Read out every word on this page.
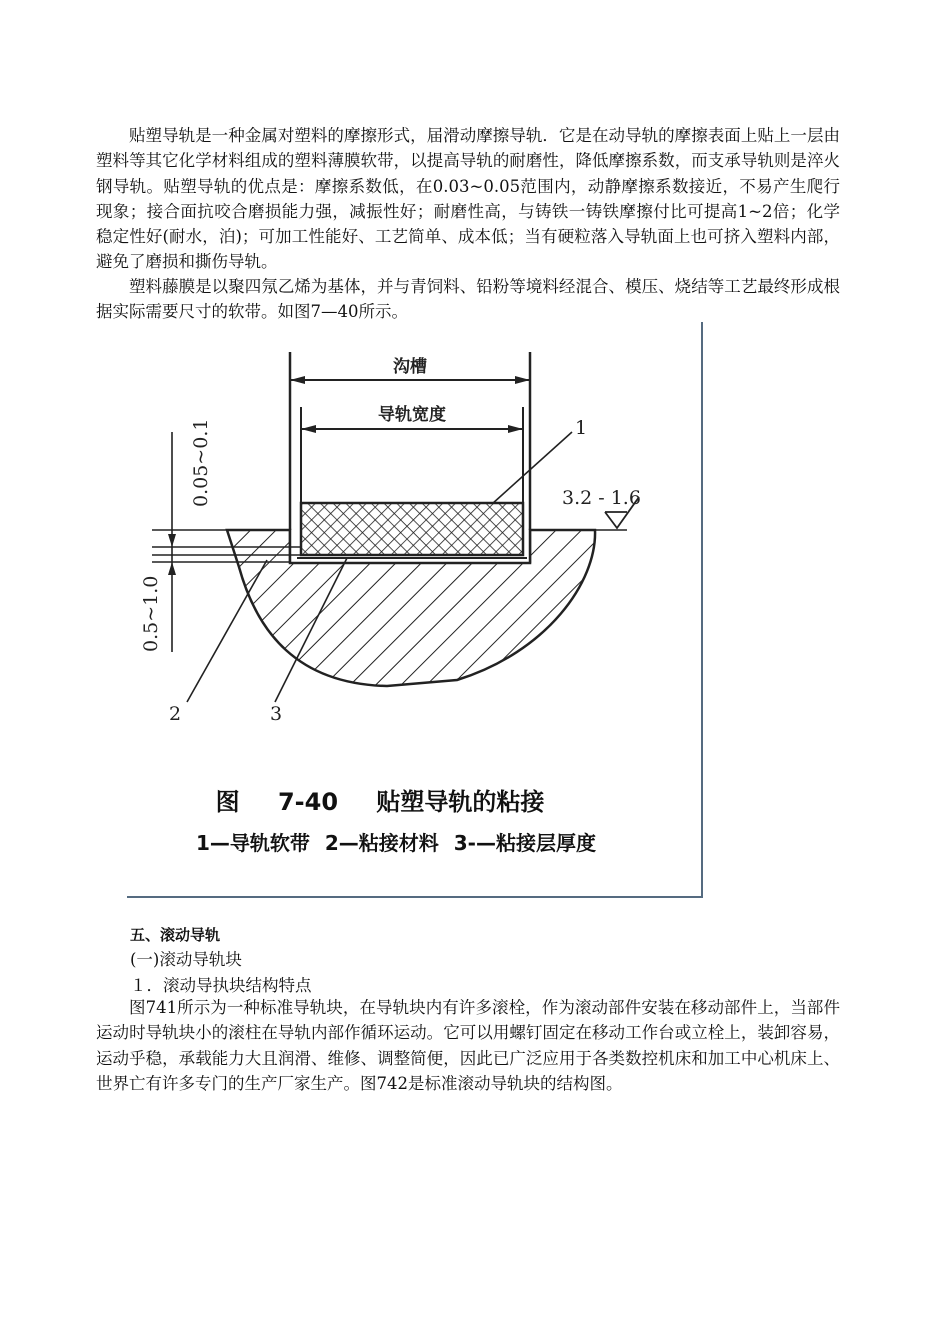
贴塑导轨是一种金属对塑料的摩擦形式，届滑动摩擦导轨．它是在动导轨的摩擦表面上贴上一层由塑料等其它化学材料组成的塑料薄膜软带，以提高导轨的耐磨性，降低摩擦系数，而支承导轨则是淬火钢导轨。贴塑导轨的优点是：摩擦系数低，在0.03~0.05范围内，动静摩擦系数接近，不易产生爬行现象；接合面抗咬合磨损能力强，减振性好；耐磨性高，与铸铁一铸铁摩擦付比可提高1~2倍；化学稳定性好(耐水，泊)；可加工性能好、工艺简单、成本低；当有硬粒落入导轨面上也可挤入塑料内部，避免了磨损和撕伤导轨。

塑料藤膜是以聚四氖乙烯为基体，并与青饲料、铅粉等境料经混合、模压、烧结等工艺最终形成根据实际需要尺寸的软带。如图7—40所示。

沟槽
导轨宽度
0.05~0.1
0.5~1.0
3.2 - 1.6
1
2	3
图 7-40 贴塑导轨的粘接
1—导轨软带 2—粘接材料 3-—粘接层厚度
五、滚动导轨
(一)滚动导轨块
１．滚动导执块结构特点

图741所示为一种标准导轨块，在导轨块内有许多滚栓，作为滚动部件安装在移动部件上，当部件运动时导轨块小的滚柱在导轨内部作循环运动。它可以用螺钉固定在移动工作台或立栓上，装卸容易，运动乎稳，承载能力大且润滑、维修、调整简便，因此已广泛应用于各类数控机床和加工中心机床上、世界亡有许多专门的生产厂家生产。图742是标准滚动导轨块的结构图。
